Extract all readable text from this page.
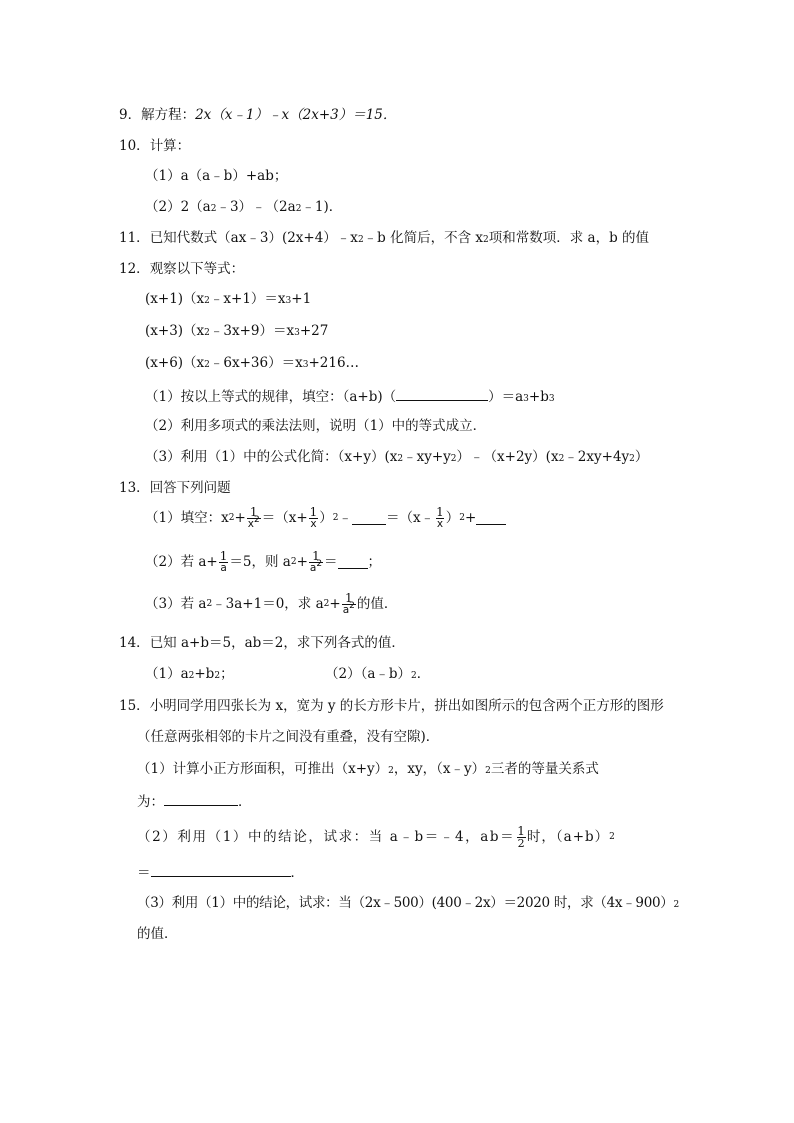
9． 解方程： 2x（x﹣1）﹣x（2x+3）＝15．
10． 计算：
（1）a（a﹣b）+ab；
（2）2（a 2 ﹣3）﹣（2a 2 ﹣1)．
11． 已知代数式（ax﹣3）(2x+4）﹣x 2 ﹣b 化简后，不含 x 2 项和常数项．求 a，b 的值
12． 观察以下等式：
(x+1)（x 2 ﹣x+1）＝x 3 +1
(x+3)（x 2 ﹣3x+9）＝x 3 +27
(x+6)（x 2 ﹣6x+36）＝x 3 +216…
（1）按以上等式的规律，填空：（a+b)（	）＝a 3 +b 3
（2）利用多项式的乘法法则，说明（1）中的等式成立．
（3）利用（1）中的公式化简：（x+y）(x 2 ﹣xy+y 2 ）﹣（x+2y）(x 2 ﹣2xy+4y 2 ）
13． 回答下列问题
（1）填空：x $2 + \frac{1}{x^2} =(x+ \frac{1}{x}$ ） 2 ﹣	＝（x﹣ $\frac{1}{x}$ ） 2 +
（2）若 $a+ \frac{1}{a} =5$，则 a $2 + \frac{1}{a^2}$ ＝ ；
（3）若 a 2 ﹣3a+1＝0，求 a $2 + \frac{1}{a^2}$ 的值．
14． 已知 a+b＝5，ab＝2，求下列各式的值．
（1）a 2 +b 2 ；	（2）（a﹣b） 2 ．
15． 小明同学用四张长为 x，宽为 y 的长方形卡片，拼出如图所示的包含两个正方形的图形
（任意两张相邻的卡片之间没有重叠，没有空隙)．
（1）计算小正方形面积，可推出（x+y） 2 ，xy，（x﹣y） 2 三者的等量关系式
为：	．
（2）利用（1）中的结论，试求：当 a﹣b＝﹣4，$ab= \frac{1}{2}$ 时，（a+b） 2
＝	．
（3）利用（1）中的结论，试求：当（2x﹣500）(400﹣2x）＝2020 时，求（4x﹣900） 2
的值．
